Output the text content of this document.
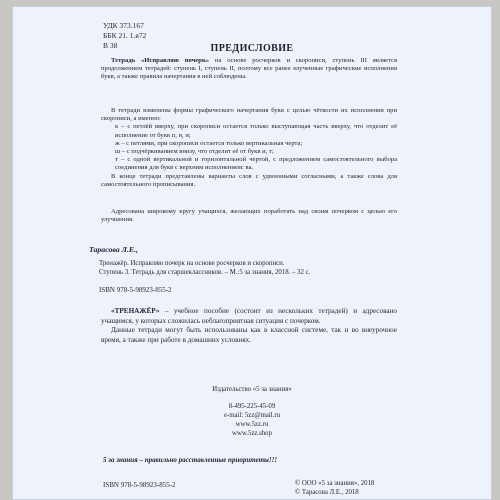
УДК 373.167
ББК 21. 1.я72
В 38	ПРЕДИСЛОВИЕ

Тетрадь «Исправляю почерк» на основе росчерков и скорописи, ступень III является продолжением тетрадей: ступень I, ступень II, поэтому все ранее изученные графические исполнения букв, а также правила начертания в ней соблюдены.

В тетради изменены формы графического начертания букв с целью чёткости их исполнения при скорописи, а именно:

к – с петлёй вверху, при скорописи остается только выступающая часть вверху, что отделит её исполнение от букв п, н, и;

ж – с петлями, при скорописи остается только вертикальная черта;

ш – с подчёркиванием внизу, что отделит её от букв и, т;

т – с одной вертикальной и горизонтальной чертой, с предложением самостоятельного выбора соединения для букв с верхним исполнением: ва.

В конце тетради представлены варианты слов с удвоенными согласными, а также слова для самостоятельного прописывания.

Адресована широкому кругу учащихся, желающих поработать над своим почерком с целью его улучшения.

Тарасова Л.Е.,

Тренажёр. Исправляю почерк на основе росчерков и скорописи.

Ступень 3. Тетрадь для старшеклассников. – М.:5 за знания, 2018. – 32 с.

ISBN 978-5-98923-855-2

«ТРЕНАЖЁР» – учебное пособие (состоит из нескольких тетрадей) и адресовано учащимся, у которых сложилась неблагоприятная ситуация с почерком.

Данные тетради могут быть использованы как в классной системе, так и во внеурочное время, а также при работе в домашних условиях.

Издательство «5 за знания»
8-495-225-45-09
e-mail: 5zz@mail.ru
www.5zz.ru
www.5zz.shop
5 за знания – правильно расставленные приоритеты!!!
ISBN 978-5-98923-855-2	© ООО «5 за знания», 2018
© Тарасова Л.Е., 2018
